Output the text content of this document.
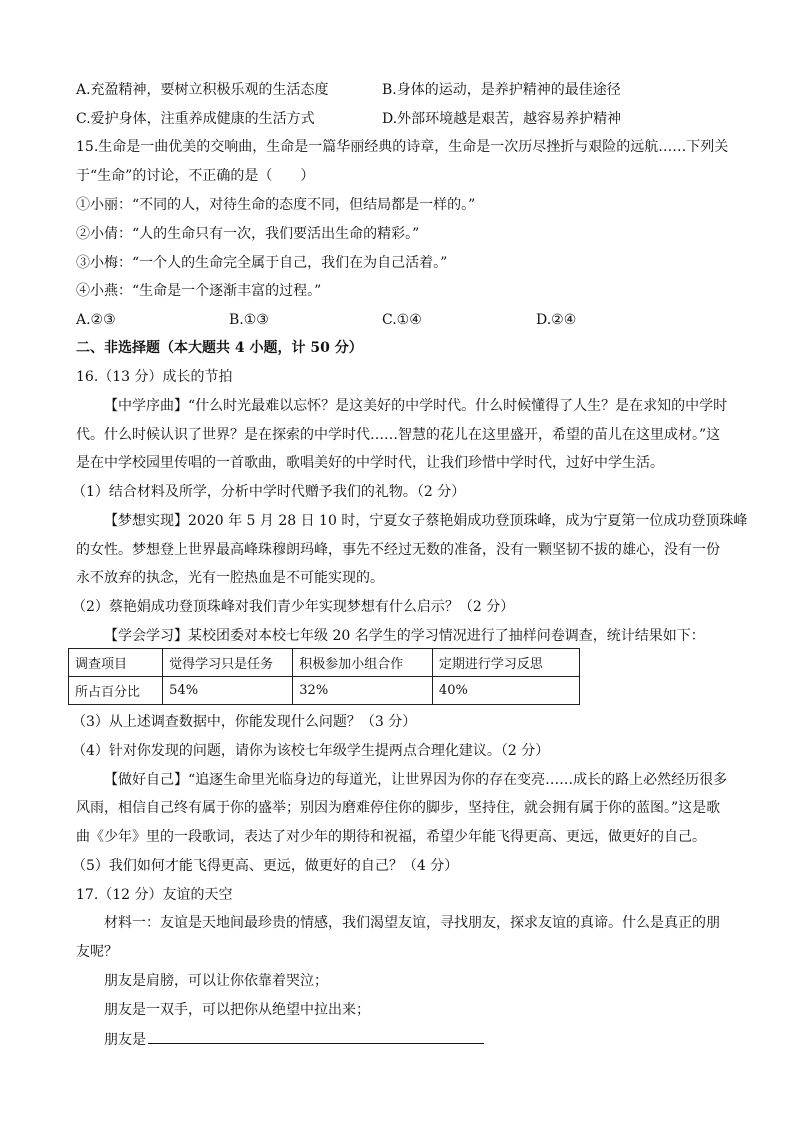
A.充盈精神，要树立积极乐观的生活态度	B.身体的运动，是养护精神的最佳途径
C.爱护身体，注重养成健康的生活方式	D.外部环境越是艰苦，越容易养护精神
15.生命是一曲优美的交响曲，生命是一篇华丽经典的诗章，生命是一次历尽挫折与艰险的远航……下列关
于“生命”的讨论，不正确的是（　　）
①小丽：“不同的人，对待生命的态度不同，但结局都是一样的。”
②小倩：“人的生命只有一次，我们要活出生命的精彩。”
③小梅：“一个人的生命完全属于自己，我们在为自己活着。”
④小燕：“生命是一个逐渐丰富的过程。”
A.②③	B.①③	C.①④	D.②④
二、非选择题（本大题共 4 小题，计 50 分）
16.（13 分）成长的节拍
【中学序曲】“什么时光最难以忘怀？是这美好的中学时代。什么时候懂得了人生？是在求知的中学时
代。什么时候认识了世界？是在探索的中学时代……智慧的花儿在这里盛开，希望的苗儿在这里成材。”这
是在中学校园里传唱的一首歌曲，歌唱美好的中学时代，让我们珍惜中学时代，过好中学生活。
（1）结合材料及所学，分析中学时代赠予我们的礼物。（2 分）
【梦想实现】2020 年 5 月 28 日 10 时，宁夏女子蔡艳娟成功登顶珠峰，成为宁夏第一位成功登顶珠峰
的女性。梦想登上世界最高峰珠穆朗玛峰，事先不经过无数的准备，没有一颗坚韧不拔的雄心，没有一份
永不放弃的执念，光有一腔热血是不可能实现的。
（2）蔡艳娟成功登顶珠峰对我们青少年实现梦想有什么启示？（2 分）
【学会学习】某校团委对本校七年级 20 名学生的学习情况进行了抽样问卷调查，统计结果如下：
调查项目	觉得学习只是任务	积极参加小组合作	定期进行学习反思
所占百分比	54%	32%	40%
（3）从上述调查数据中，你能发现什么问题？（3 分）
（4）针对你发现的问题，请你为该校七年级学生提两点合理化建议。（2 分）
【做好自己】“追逐生命里光临身边的每道光，让世界因为你的存在变亮……成长的路上必然经历很多
风雨，相信自己终有属于你的盛举；别因为磨难停住你的脚步，坚持住，就会拥有属于你的蓝图。”这是歌
曲《少年》里的一段歌词，表达了对少年的期待和祝福，希望少年能飞得更高、更远，做更好的自己。
（5）我们如何才能飞得更高、更远，做更好的自己？（4 分）
17.（12 分）友谊的天空
材料一：友谊是天地间最珍贵的情感，我们渴望友谊，寻找朋友，探求友谊的真谛。什么是真正的朋
友呢？
朋友是肩膀，可以让你依靠着哭泣；
朋友是一双手，可以把你从绝望中拉出来；
朋友是
